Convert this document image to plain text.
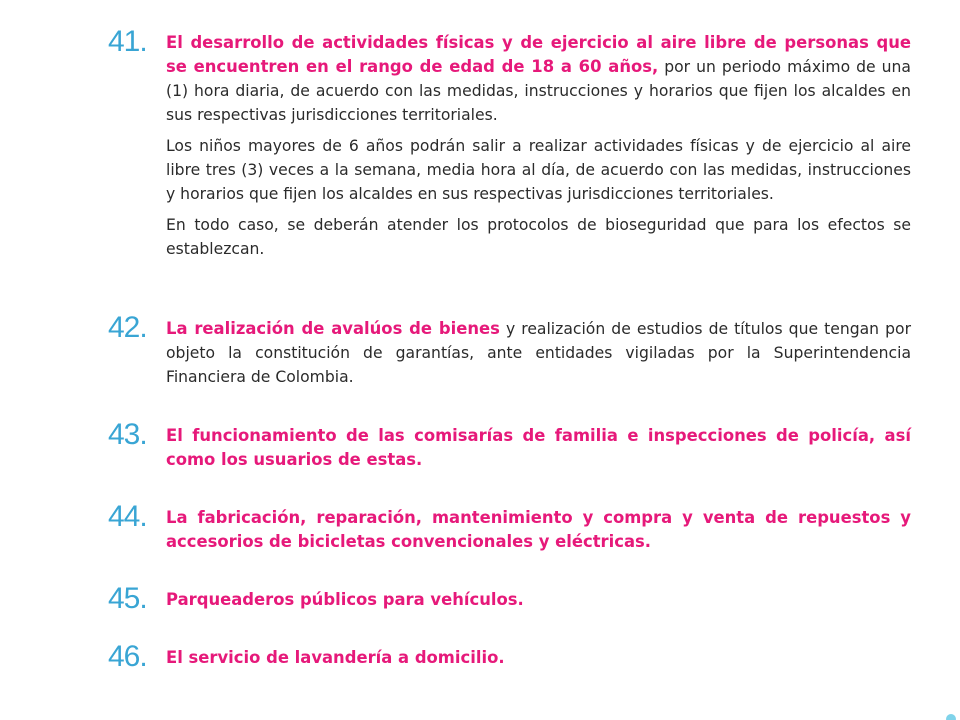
41. El desarrollo de actividades físicas y de ejercicio al aire libre de personas que se encuentren en el rango de edad de 18 a 60 años, por un periodo máximo de una (1) hora diaria, de acuerdo con las medidas, instrucciones y horarios que fijen los alcaldes en sus respectivas jurisdicciones territoriales.

Los niños mayores de 6 años podrán salir a realizar actividades físicas y de ejercicio al aire libre tres (3) veces a la semana, media hora al día, de acuerdo con las medidas, instrucciones y horarios que fijen los alcaldes en sus respectivas jurisdicciones territoriales.

En todo caso, se deberán atender los protocolos de bioseguridad que para los efectos se establezcan.

42. La realización de avalúos de bienes y realización de estudios de títulos que tengan por objeto la constitución de garantías, ante entidades vigiladas por la Superintendencia Financiera de Colombia.

43. El funcionamiento de las comisarías de familia e inspecciones de policía, así como los usuarios de estas.

44. La fabricación, reparación, mantenimiento y compra y venta de repuestos y accesorios de bicicletas convencionales y eléctricas.

45. Parqueaderos públicos para vehículos.

46. El servicio de lavandería a domicilio.
